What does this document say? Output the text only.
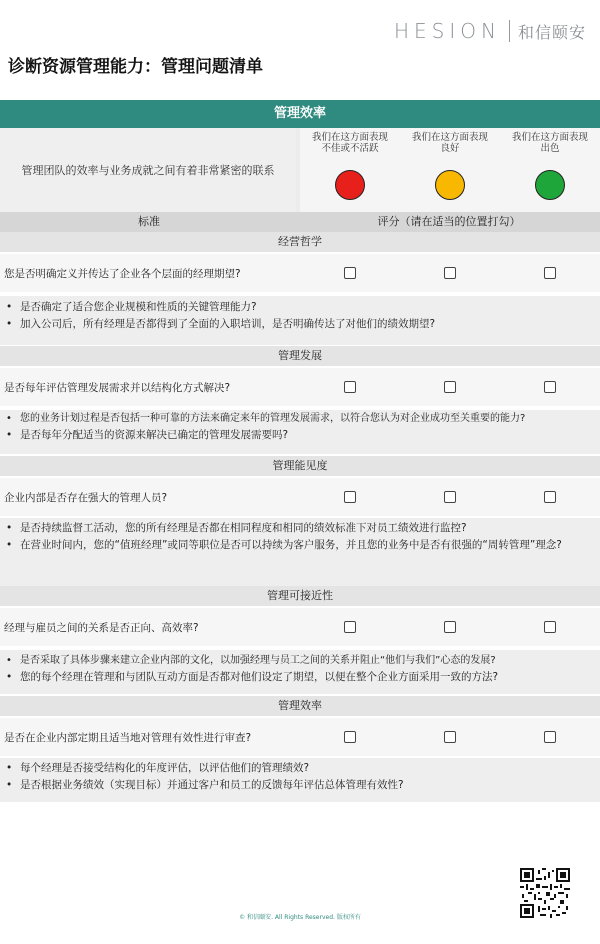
HESION 和信颐安
诊断资源管理能力：管理问题清单
管理效率
管理团队的效率与业务成就之间有着非常紧密的联系
我们在这方面表现
不佳或不活跃
我们在这方面表现
良好
我们在这方面表现
出色
标准	评分（请在适当的位置打勾）
经营哲学
您是否明确定义并传达了企业各个层面的经理期望?
• 是否确定了适合您企业规模和性质的关键管理能力?
• 加入公司后，所有经理是否都得到了全面的入职培训，是否明确传达了对他们的绩效期望?
管理发展
是否每年评估管理发展需求并以结构化方式解决?
• 您的业务计划过程是否包括一种可靠的方法来确定来年的管理发展需求，以符合您认为对企业成功至关重要的能力?
• 是否每年分配适当的资源来解决已确定的管理发展需要吗?
管理能见度
企业内部是否存在强大的管理人员?
• 是否持续监督工活动，您的所有经理是否都在相同程度和相同的绩效标准下对员工绩效进行监控?
• 在营业时间内，您的“值班经理”或同等职位是否可以持续为客户服务，并且您的业务中是否有很强的“周转管理”理念?
管理可接近性
经理与雇员之间的关系是否正向、高效率?
• 是否采取了具体步骤来建立企业内部的文化，以加强经理与员工之间的关系并阻止“他们与我们”心态的发展?
• 您的每个经理在管理和与团队互动方面是否都对他们设定了期望，以便在整个企业方面采用一致的方法?
管理效率
是否在企业内部定期且适当地对管理有效性进行审查?
• 每个经理是否接受结构化的年度评估，以评估他们的管理绩效?
• 是否根据业务绩效（实现目标）并通过客户和员工的反馈每年评估总体管理有效性?
© 和信颐安. All Rights Reserved. 版权所有
